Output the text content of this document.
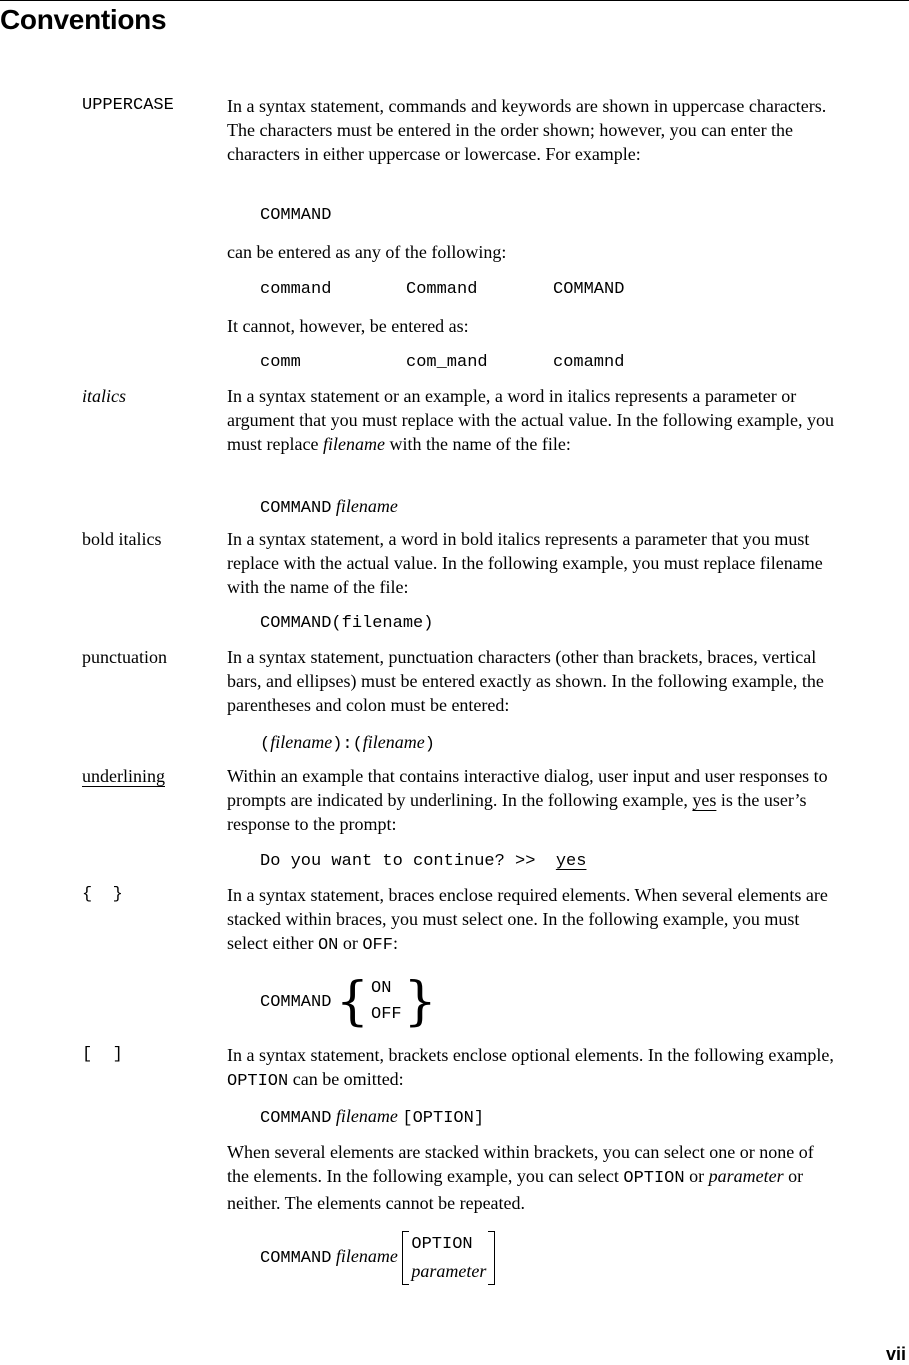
Conventions
UPPERCASE	In a syntax statement, commands and keywords are shown in uppercase characters. The characters must be entered in the order shown; however, you can enter the characters in either uppercase or lowercase. For example:
COMMAND
can be entered as any of the following:
command	Command	COMMAND
It cannot, however, be entered as:
comm	com_mand	comamnd
italics	In a syntax statement or an example, a word in italics represents a parameter or argument that you must replace with the actual value. In the following example, you must replace filename with the name of the file:
COMMAND filename
bold italics	In a syntax statement, a word in bold italics represents a parameter that you must replace with the actual value. In the following example, you must replace filename with the name of the file:
COMMAND(filename)
punctuation	In a syntax statement, punctuation characters (other than brackets, braces, vertical bars, and ellipses) must be entered exactly as shown. In the following example, the parentheses and colon must be entered:
(filename):(filename)
underlining	Within an example that contains interactive dialog, user input and user responses to prompts are indicated by underlining. In the following example, yes is the user’s response to the prompt:
Do you want to continue? >> yes
{  }	In a syntax statement, braces enclose required elements. When several elements are stacked within braces, you must select one. In the following example, you must select either ON or OFF:
COMMAND { ON
OFF }
[  ]	In a syntax statement, brackets enclose optional elements. In the following example, OPTION can be omitted:
COMMAND filename [OPTION]
When several elements are stacked within brackets, you can select one or none of the elements. In the following example, you can select OPTION or parameter or neither. The elements cannot be repeated.
COMMAND filename
OPTION
parameter
vii
